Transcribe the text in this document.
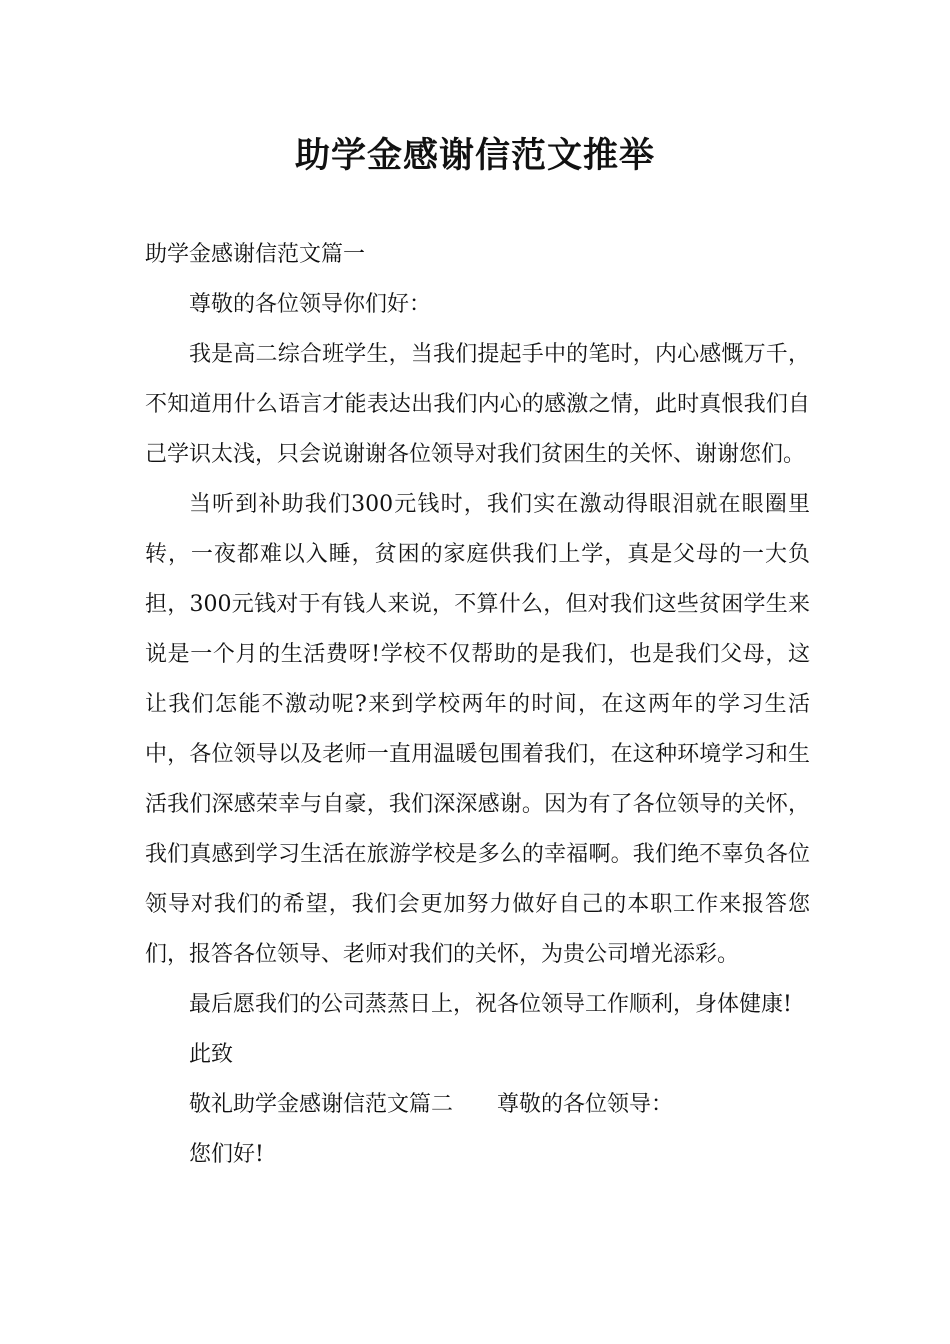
助学金感谢信范文推举

助学金感谢信范文篇一

尊敬的各位领导你们好：

我是高二综合班学生，当我们提起手中的笔时，内心感慨万千，不知道用什么语言才能表达出我们内心的感激之情，此时真恨我们自己学识太浅，只会说谢谢各位领导对我们贫困生的关怀、谢谢您们。

当听到补助我们300元钱时，我们实在激动得眼泪就在眼圈里转，一夜都难以入睡，贫困的家庭供我们上学，真是父母的一大负担，300元钱对于有钱人来说，不算什么，但对我们这些贫困学生来说是一个月的生活费呀!学校不仅帮助的是我们，也是我们父母，这让我们怎能不激动呢?来到学校两年的时间，在这两年的学习生活中，各位领导以及老师一直用温暖包围着我们，在这种环境学习和生活我们深感荣幸与自豪，我们深深感谢。因为有了各位领导的关怀，我们真感到学习生活在旅游学校是多么的幸福啊。我们绝不辜负各位领导对我们的希望，我们会更加努力做好自己的本职工作来报答您们，报答各位领导、老师对我们的关怀，为贵公司增光添彩。

最后愿我们的公司蒸蒸日上，祝各位领导工作顺利，身体健康!

此致

敬礼助学金感谢信范文篇二　　尊敬的各位领导：

您们好!
